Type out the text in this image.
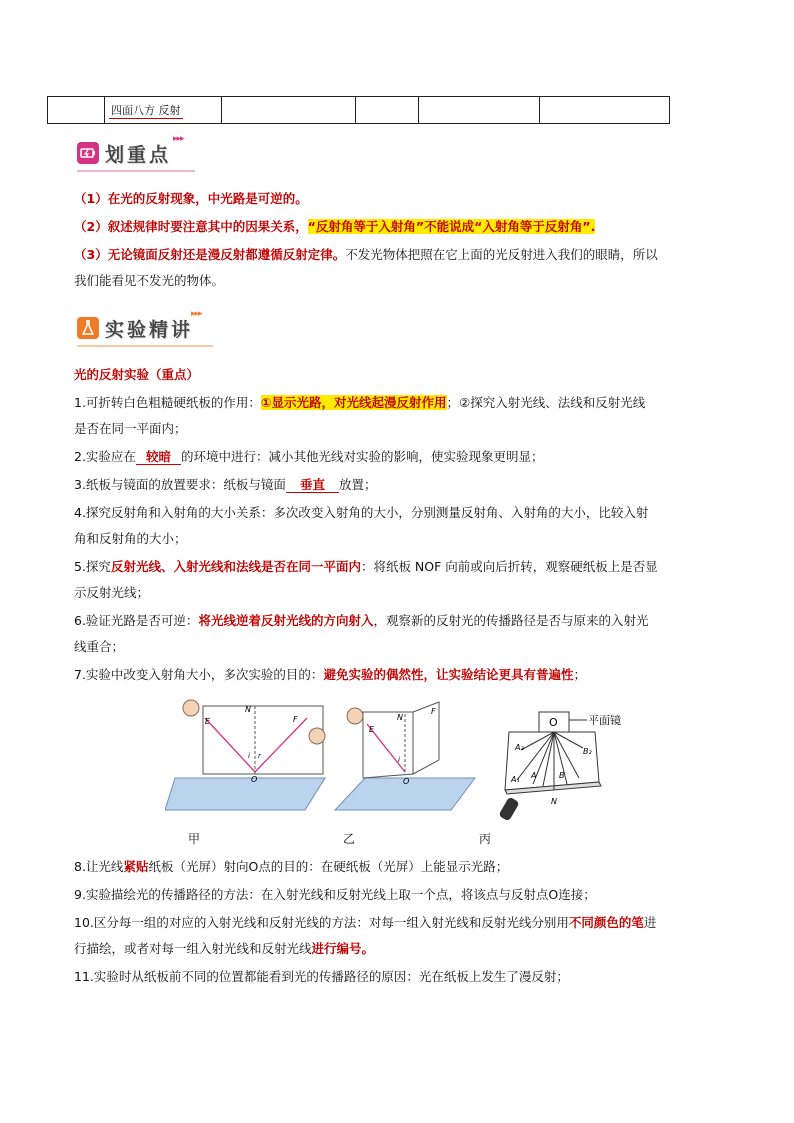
	四面八方 反射				
划重点
▸▸▸
（1）在光的反射现象，中光路是可逆的。
（2）叙述规律时要注意其中的因果关系，“反射角等于入射角”不能说成“入射角等于反射角”.
（3）无论镜面反射还是漫反射都遵循反射定律。不发光物体把照在它上面的光反射进入我们的眼睛，所以
我们能看见不发光的物体。
实验精讲
▸▸▸
光的反射实验（重点）
1.可折转白色粗糙硬纸板的作用：①显示光路，对光线起漫反射作用；②探究入射光线、法线和反射光线
是否在同一平面内；
2.实验应在 较暗 的环境中进行：减小其他光线对实验的影响，使实验现象更明显；
3.纸板与镜面的放置要求：纸板与镜面 垂直 放置；
4.探究反射角和入射角的大小关系：多次改变入射角的大小，分别测量反射角、入射角的大小，比较入射
角和反射角的大小；
5.探究反射光线、入射光线和法线是否在同一平面内：将纸板 NOF 向前或向后折转，观察硬纸板上是否显
示反射光线；
6.验证光路是否可逆：将光线逆着反射光线的方向射入，观察新的反射光的传播路径是否与原来的入射光
线重合；
7.实验中改变入射角大小，多次实验的目的：避免实验的偶然性，让实验结论更具有普遍性；
E
N
F
O
i r
E
N
F
O
i
O	平面镜
A₂	B₂
A₁ A	B
N
甲	乙	丙
8.让光线紧贴纸板（光屏）射向O点的目的：在硬纸板（光屏）上能显示光路；
9.实验描绘光的传播路径的方法：在入射光线和反射光线上取一个点，将该点与反射点O连接；
10.区分每一组的对应的入射光线和反射光线的方法：对每一组入射光线和反射光线分别用不同颜色的笔进
行描绘，或者对每一组入射光线和反射光线进行编号。
11.实验时从纸板前不同的位置都能看到光的传播路径的原因：光在纸板上发生了漫反射；
